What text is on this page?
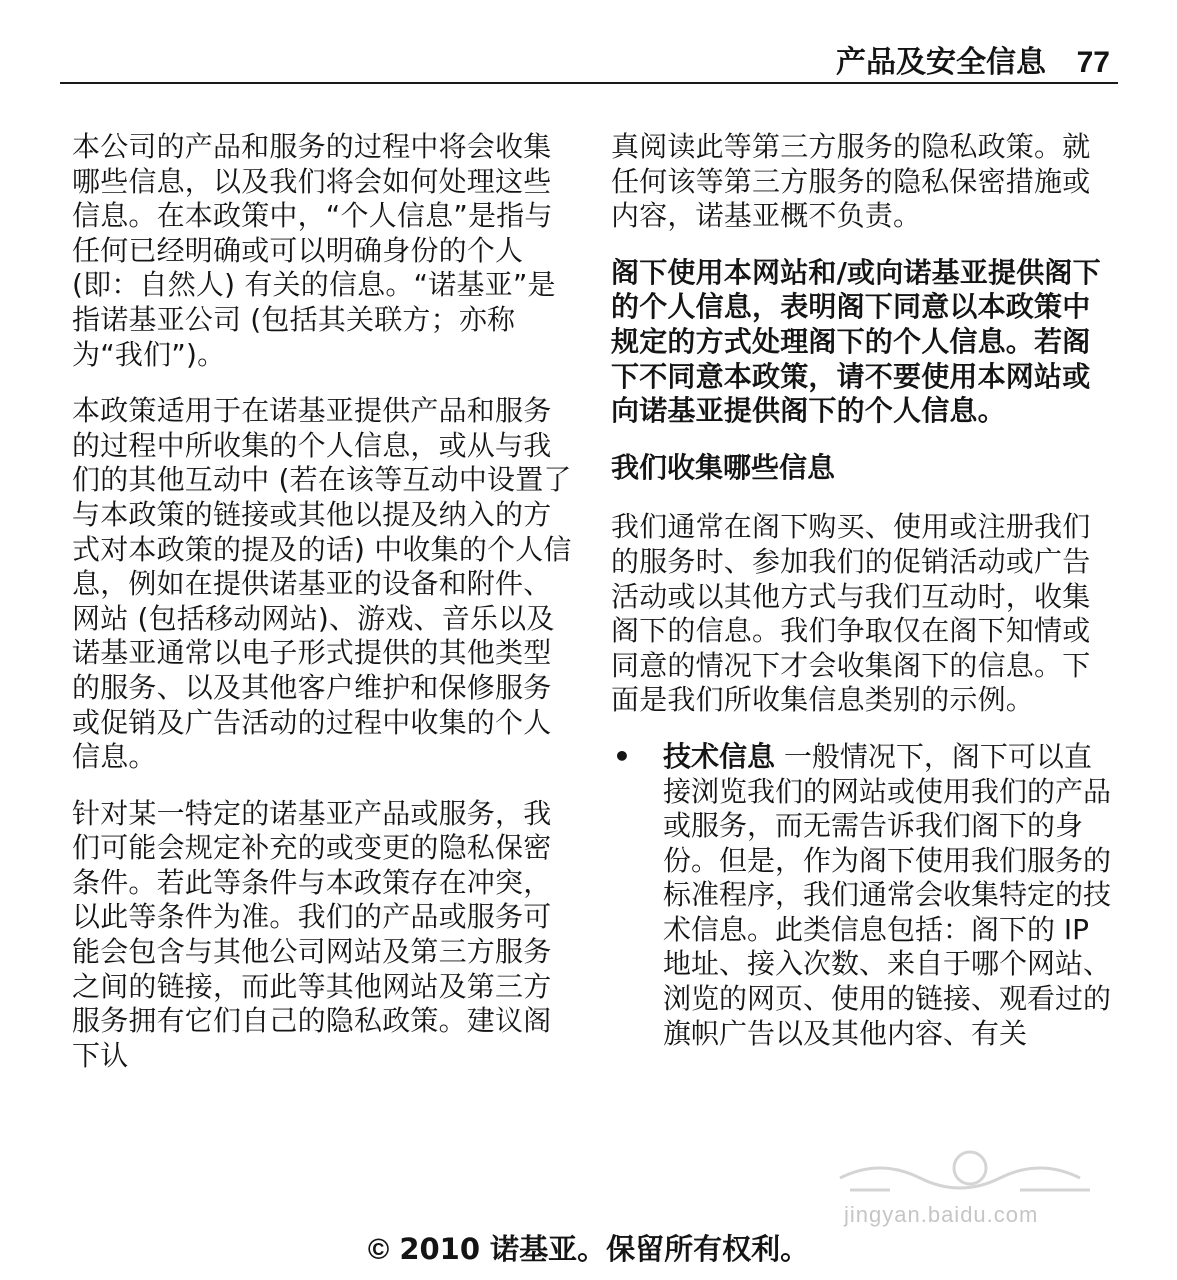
产品及安全信息 77

本公司的产品和服务的过程中将会收集哪些信息，以及我们将会如何处理这些信息。在本政策中，“个人信息”是指与任何已经明确或可以明确身份的个人 (即：自然人) 有关的信息。“诺基亚”是指诺基亚公司 (包括其关联方；亦称为“我们”)。

本政策适用于在诺基亚提供产品和服务的过程中所收集的个人信息，或从与我们的其他互动中 (若在该等互动中设置了与本政策的链接或其他以提及纳入的方式对本政策的提及的话) 中收集的个人信息，例如在提供诺基亚的设备和附件、网站 (包括移动网站)、游戏、音乐以及诺基亚通常以电子形式提供的其他类型的服务、以及其他客户维护和保修服务或促销及广告活动的过程中收集的个人信息。

针对某一特定的诺基亚产品或服务，我们可能会规定补充的或变更的隐私保密条件。若此等条件与本政策存在冲突，以此等条件为准。我们的产品或服务可能会包含与其他公司网站及第三方服务之间的链接，而此等其他网站及第三方服务拥有它们自己的隐私政策。建议阁下认

真阅读此等第三方服务的隐私政策。就任何该等第三方服务的隐私保密措施或内容，诺基亚概不负责。

阁下使用本网站和/或向诺基亚提供阁下的个人信息，表明阁下同意以本政策中规定的方式处理阁下的个人信息。若阁下不同意本政策，请不要使用本网站或向诺基亚提供阁下的个人信息。

我们收集哪些信息

我们通常在阁下购买、使用或注册我们的服务时、参加我们的促销活动或广告活动或以其他方式与我们互动时，收集阁下的信息。我们争取仅在阁下知情或同意的情况下才会收集阁下的信息。下面是我们所收集信息类别的示例。

• 技术信息 一般情况下，阁下可以直接浏览我们的网站或使用我们的产品或服务，而无需告诉我们阁下的身份。但是，作为阁下使用我们服务的标准程序，我们通常会收集特定的技术信息。此类信息包括：阁下的 IP 地址、接入次数、来自于哪个网站、浏览的网页、使用的链接、观看过的旗帜广告以及其他内容、有关
jingyan.baidu.com
© 2010 诺基亚。保留所有权利。
